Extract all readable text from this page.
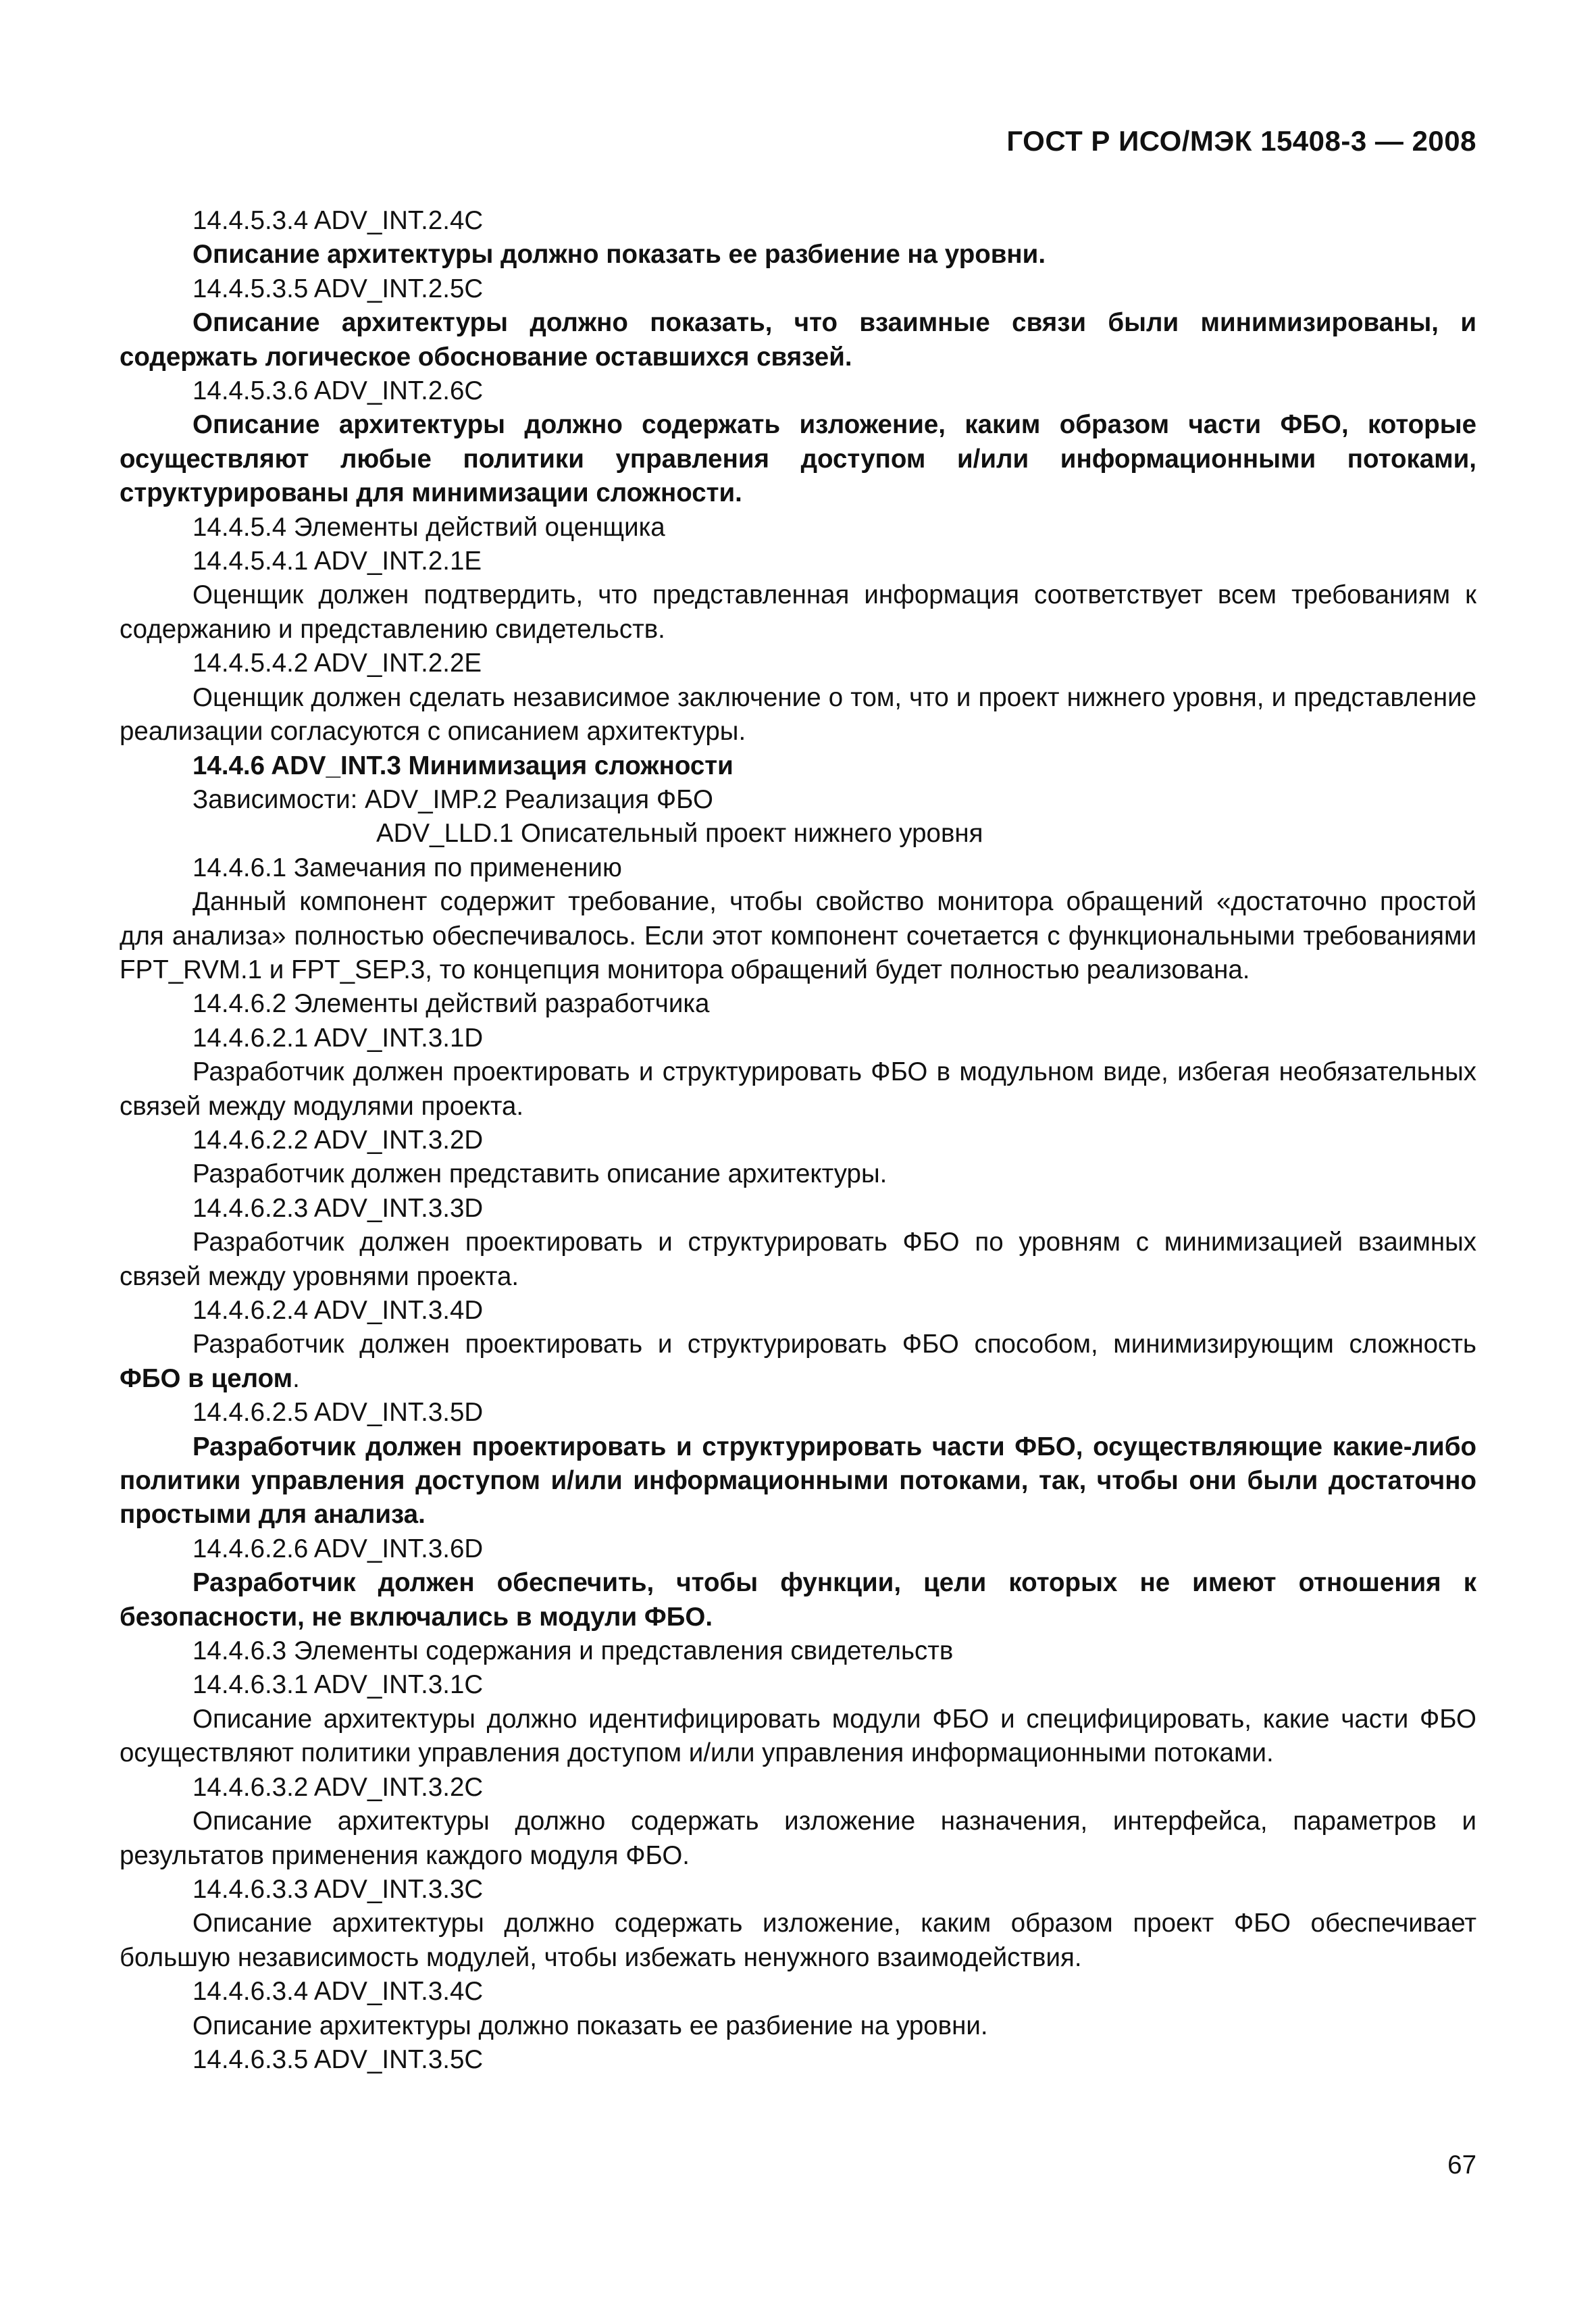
ГОСТ Р ИСО/МЭК 15408-3 — 2008

14.4.5.3.4 ADV_INT.2.4C

Описание архитектуры должно показать ее разбиение на уровни.

14.4.5.3.5 ADV_INT.2.5C

Описание архитектуры должно показать, что взаимные связи были минимизированы, и содержать логическое обоснование оставшихся связей.

14.4.5.3.6 ADV_INT.2.6C

Описание архитектуры должно содержать изложение, каким образом части ФБО, которые осуществляют любые политики управления доступом и/или информационными потоками, структурированы для минимизации сложности.

14.4.5.4 Элементы действий оценщика

14.4.5.4.1 ADV_INT.2.1E

Оценщик должен подтвердить, что представленная информация соответствует всем требованиям к содержанию и представлению свидетельств.

14.4.5.4.2 ADV_INT.2.2E

Оценщик должен сделать независимое заключение о том, что и проект нижнего уровня, и представление реализации согласуются с описанием архитектуры.

14.4.6 ADV_INT.3 Минимизация сложности

Зависимости: ADV_IMP.2 Реализация ФБО

ADV_LLD.1 Описательный проект нижнего уровня

14.4.6.1 Замечания по применению

Данный компонент содержит требование, чтобы свойство монитора обращений «достаточно простой для анализа» полностью обеспечивалось. Если этот компонент сочетается с функциональными требованиями FPT_RVM.1 и FPT_SEP.3, то концепция монитора обращений будет полностью реализована.

14.4.6.2 Элементы действий разработчика

14.4.6.2.1 ADV_INT.3.1D

Разработчик должен проектировать и структурировать ФБО в модульном виде, избегая необязательных связей между модулями проекта.

14.4.6.2.2 ADV_INT.3.2D

Разработчик должен представить описание архитектуры.

14.4.6.2.3 ADV_INT.3.3D

Разработчик должен проектировать и структурировать ФБО по уровням с минимизацией взаимных связей между уровнями проекта.

14.4.6.2.4 ADV_INT.3.4D

Разработчик должен проектировать и структурировать ФБО способом, минимизирующим сложность ФБО в целом.

14.4.6.2.5 ADV_INT.3.5D

Разработчик должен проектировать и структурировать части ФБО, осуществляющие какие-либо политики управления доступом и/или информационными потоками, так, чтобы они были достаточно простыми для анализа.

14.4.6.2.6 ADV_INT.3.6D

Разработчик должен обеспечить, чтобы функции, цели которых не имеют отношения к безопасности, не включались в модули ФБО.

14.4.6.3 Элементы содержания и представления свидетельств

14.4.6.3.1 ADV_INT.3.1C

Описание архитектуры должно идентифицировать модули ФБО и специфицировать, какие части ФБО осуществляют политики управления доступом и/или управления информационными потоками.

14.4.6.3.2 ADV_INT.3.2C

Описание архитектуры должно содержать изложение назначения, интерфейса, параметров и результатов применения каждого модуля ФБО.

14.4.6.3.3 ADV_INT.3.3C

Описание архитектуры должно содержать изложение, каким образом проект ФБО обеспечивает большую независимость модулей, чтобы избежать ненужного взаимодействия.

14.4.6.3.4 ADV_INT.3.4C

Описание архитектуры должно показать ее разбиение на уровни.

14.4.6.3.5 ADV_INT.3.5C

67
